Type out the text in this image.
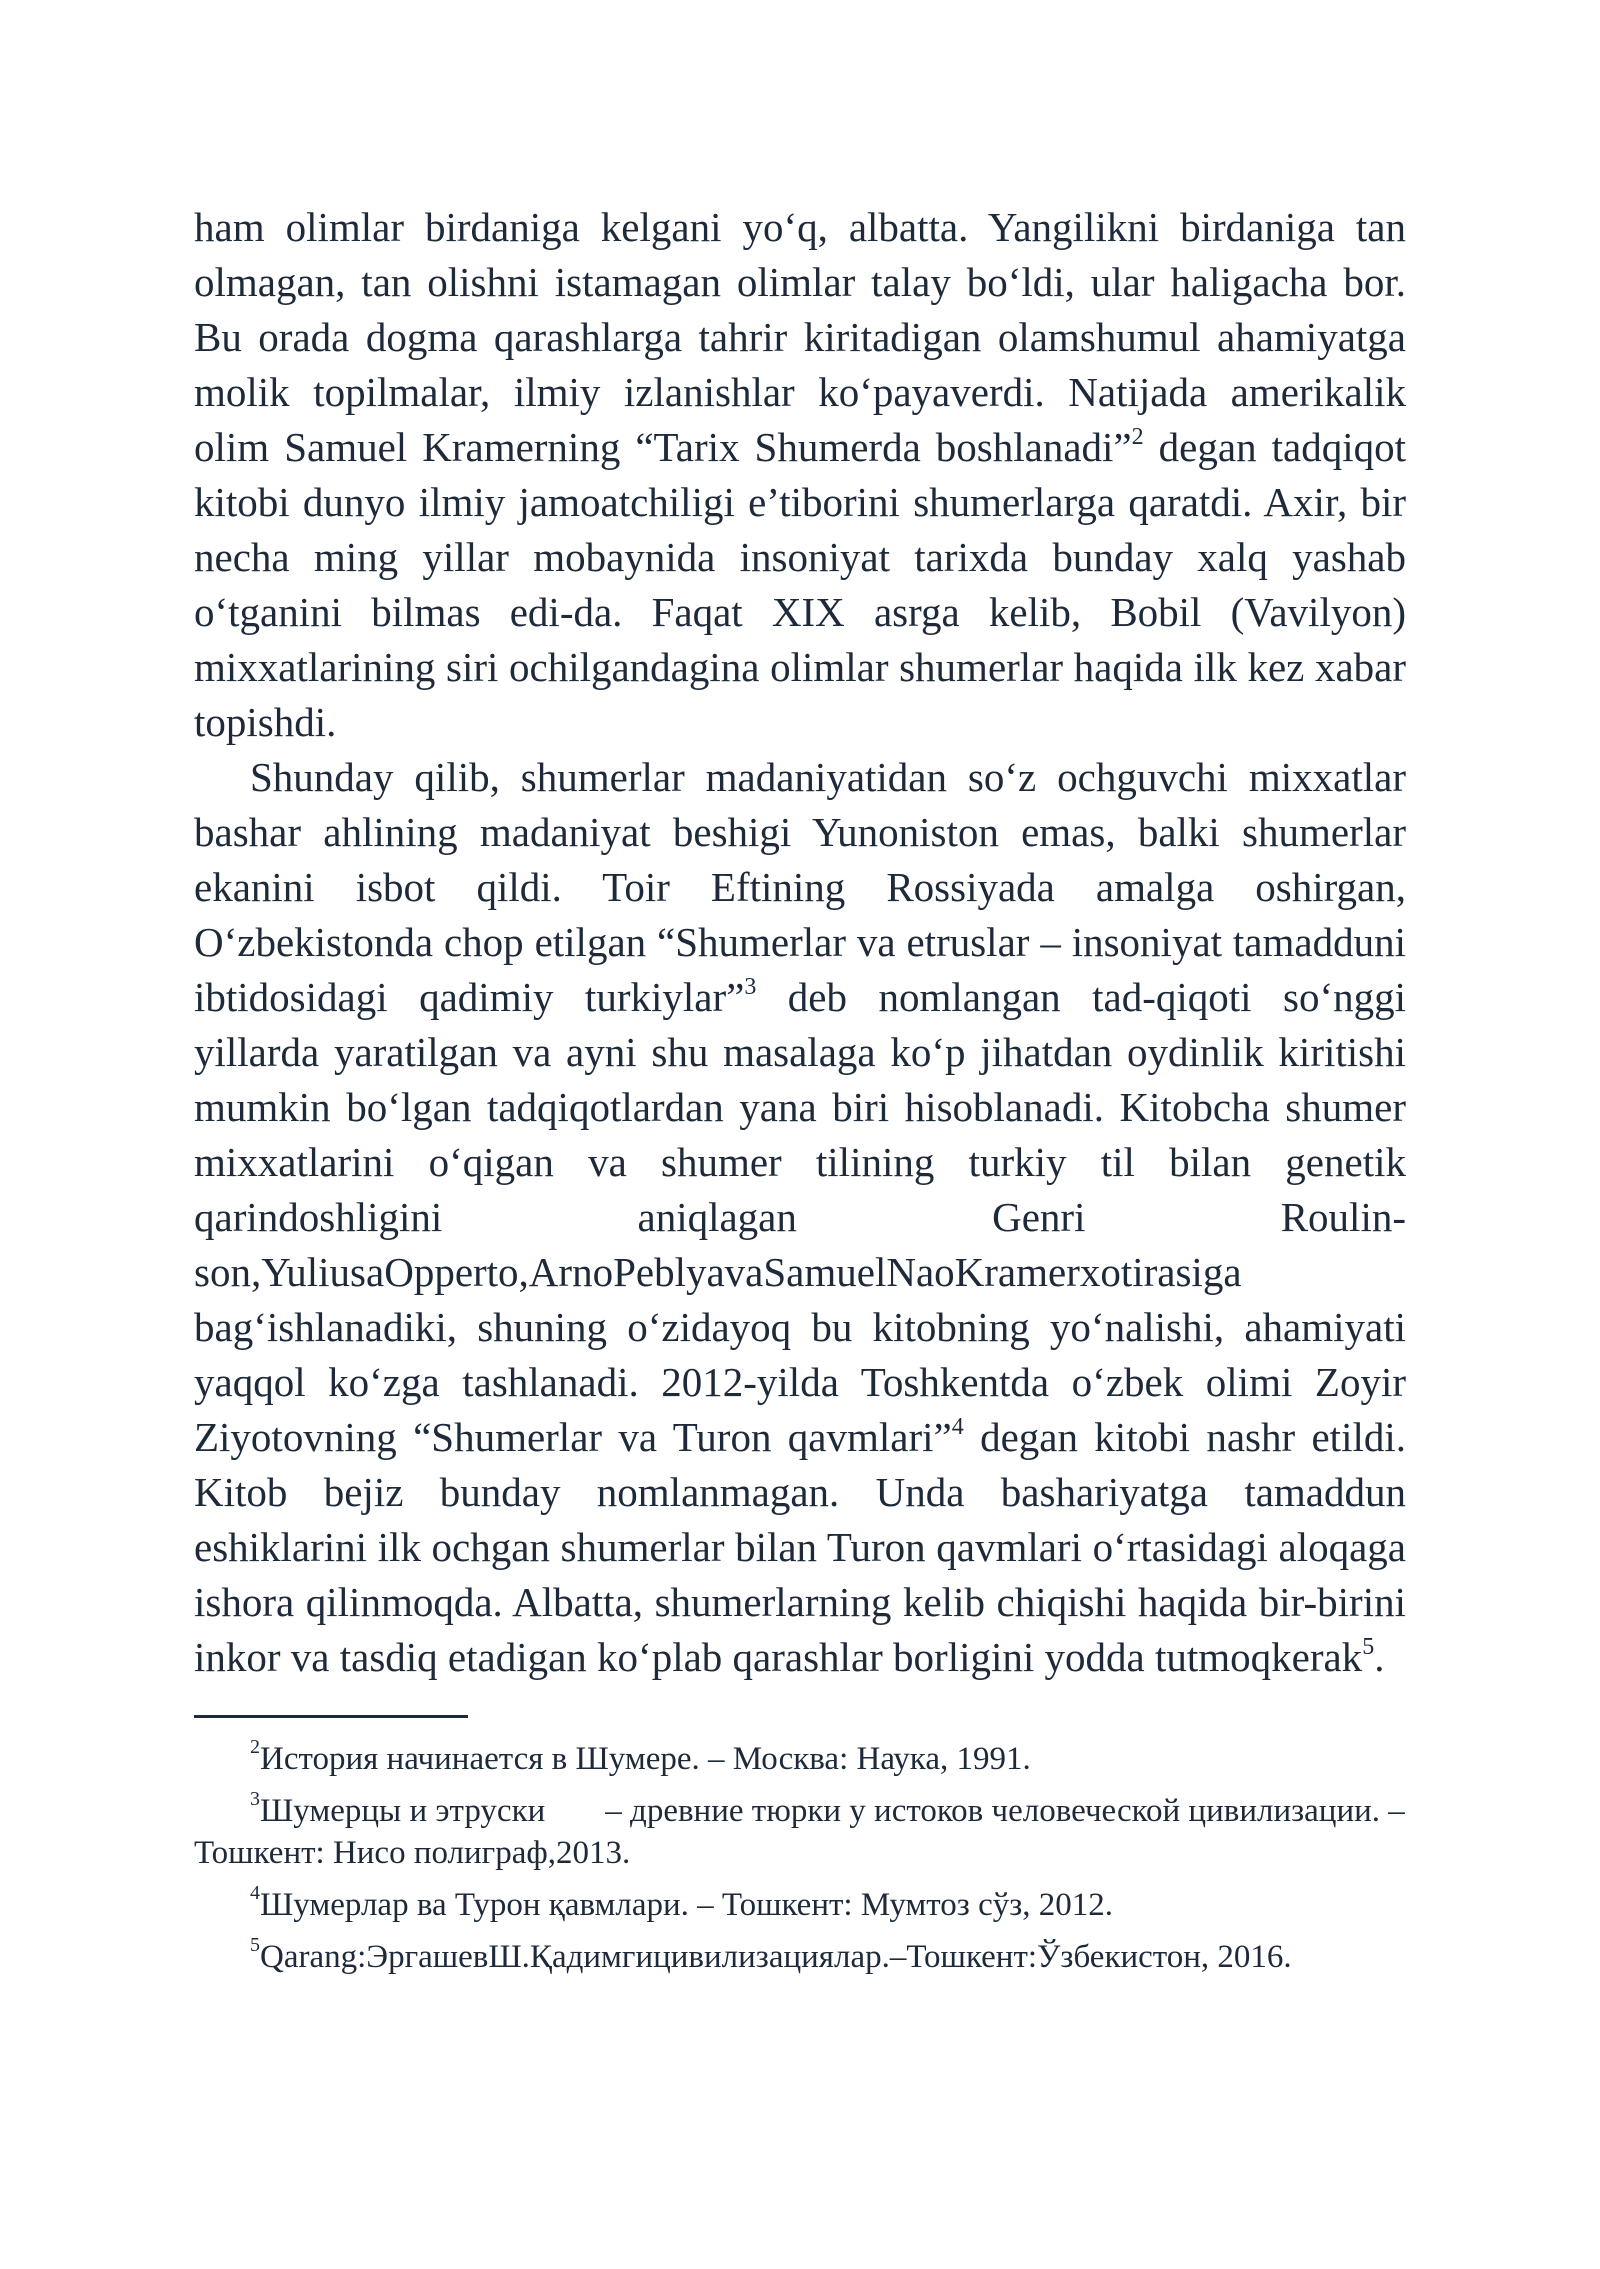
ham olimlar birdaniga kelgani yo‘q, albatta. Yangilikni birdaniga tan olmagan, tan olishni istamagan olimlar talay bo‘ldi, ular haligacha bor. Bu orada dogma qarashlarga tahrir kiritadigan olamshumul ahamiyatga molik topilmalar, ilmiy izlanishlar ko‘payaverdi. Natijada amerikalik olim Samuel Kramerning “Tarix Shumerda boshlanadi”$^2$ degan tadqiqot kitobi dunyo ilmiy jamoatchiligi e’tiborini shumerlarga qaratdi. Axir, bir necha ming yillar mobaynida insoniyat tarixda bunday xalq yashab o‘tganini bilmas edi-da. Faqat XIX asrga kelib, Bobil (Vavilyon) mixxatlarining siri ochilgandagina olimlar shumerlar haqida ilk kez xabar topishdi.

Shunday qilib, shumerlar madaniyatidan so‘z ochguvchi mixxatlar bashar ahlining madaniyat beshigi Yunoniston emas, balki shumerlar ekanini isbot qildi. Toir Eftining Rossiyada amalga oshirgan, O‘zbekistonda chop etilgan “Shumerlar va etruslar – insoniyat tamadduni ibtidosidagi qadimiy turkiylar”$^3$ deb nomlangan tad-qiqoti so‘nggi yillarda yaratilgan va ayni shu masalaga ko‘p jihatdan oydinlik kiritishi mumkin bo‘lgan tadqiqotlardan yana biri hisoblanadi. Kitobcha shumer mixxatlarini o‘qigan va shumer tilining turkiy til bilan genetik qarindoshligini aniqlagan Genri Roulinson,YuliusaOpperto,ArnoPeblyavaSamuelNaoKramerxotirasiga bag‘ishlanadiki, shuning o‘zidayoq bu kitobning yo‘nalishi, ahamiyati yaqqol ko‘zga tashlanadi. 2012-yilda Toshkentda o‘zbek olimi Zoyir Ziyotovning “Shumerlar va Turon qavmlari”$^4$ degan kitobi nashr etildi. Kitob bejiz bunday nomlanmagan. Unda bashariyatga tamaddun eshiklarini ilk ochgan shumerlar bilan Turon qavmlari o‘rtasidagi aloqaga ishora qilinmoqda. Albatta, shumerlarning kelib chiqishi haqida bir-birini inkor va tasdiq etadigan ko‘plab qarashlar borligini yodda tutmoqkerak$^5$.

$^2$История начинается в Шумере. – Москва: Наука, 1991.

$^3$Шумерцы и этруски – древние тюрки у истоков человеческой цивилизации. – Тошкент: Нисо полиграф,2013.

$^4$Шумерлар ва Турон қавмлари. – Тошкент: Мумтоз сўз, 2012.

$^5$Qarang:ЭргашевШ.Қадимгицивилизациялар.–Тошкент:Ўзбекистон, 2016.
